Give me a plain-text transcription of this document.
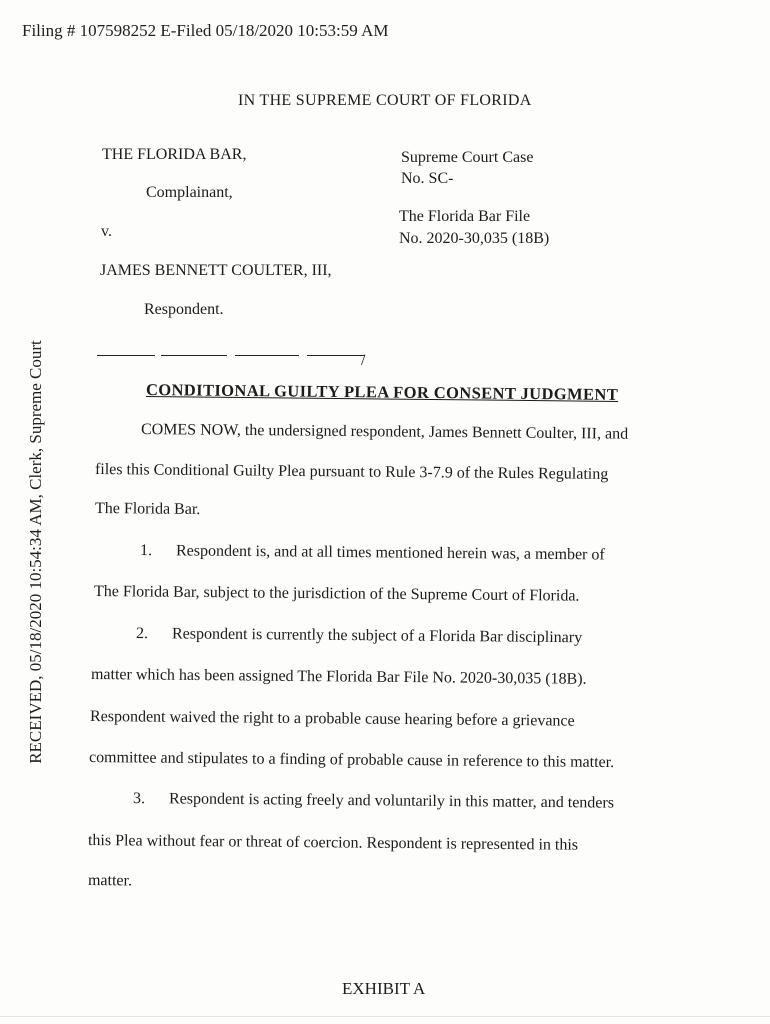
Filing # 107598252 E-Filed 05/18/2020 10:53:59 AM
RECEIVED, 05/18/2020 10:54:34 AM, Clerk, Supreme Court
IN THE SUPREME COURT OF FLORIDA
THE FLORIDA BAR,
Complainant,
v.
JAMES BENNETT COULTER, III,
Respondent.
Supreme Court Case
No. SC-
The Florida Bar File
No. 2020-30,035 (18B)
/
CONDITIONAL GUILTY PLEA FOR CONSENT JUDGMENT
COMES NOW, the undersigned respondent, James Bennett Coulter, III, and
files this Conditional Guilty Plea pursuant to Rule 3-7.9 of the Rules Regulating
The Florida Bar.
1.  Respondent is, and at all times mentioned herein was, a member of
The Florida Bar, subject to the jurisdiction of the Supreme Court of Florida.
2.  Respondent is currently the subject of a Florida Bar disciplinary
matter which has been assigned The Florida Bar File No. 2020-30,035 (18B).
Respondent waived the right to a probable cause hearing before a grievance
committee and stipulates to a finding of probable cause in reference to this matter.
3.  Respondent is acting freely and voluntarily in this matter, and tenders
this Plea without fear or threat of coercion. Respondent is represented in this
matter.
EXHIBIT A
